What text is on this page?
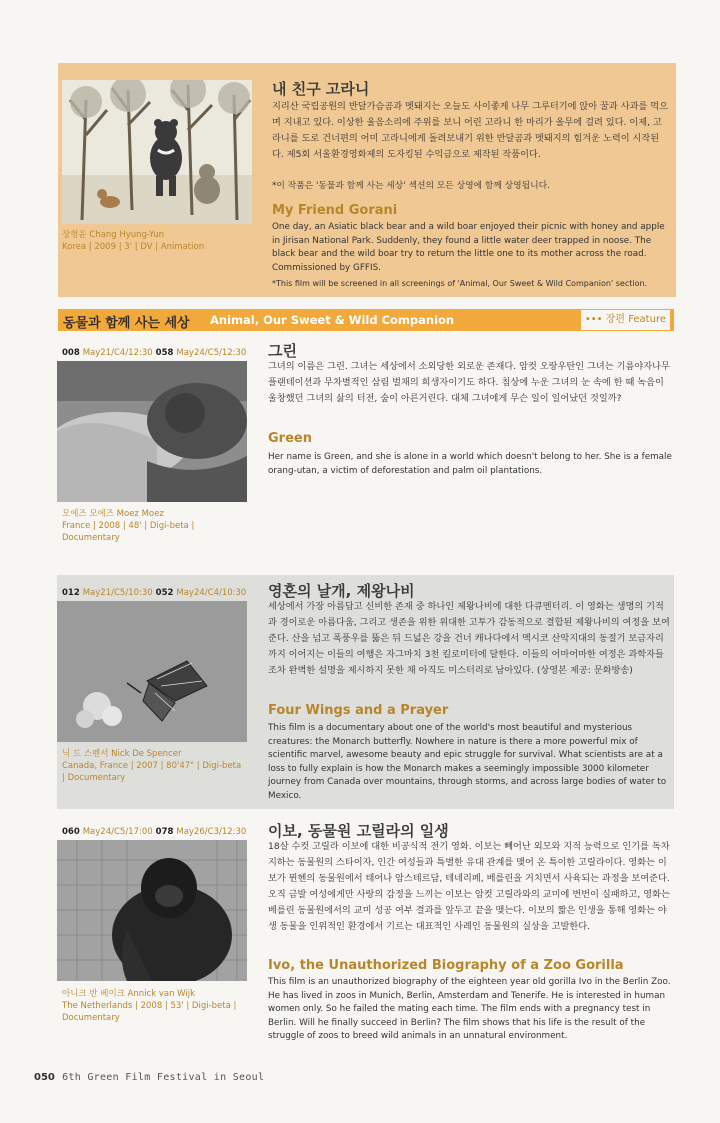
장형윤 Chang Hyung-Yun
Korea | 2009 | 3' | DV | Animation
내 친구 고라니
지리산 국립공원의 반달가슴곰과 멧돼지는 오늘도 사이좋게 나무 그루터기에 앉아 꿀과 사과를 먹으며 지내고 있다. 이상한 울음소리에 주위를 보니 어린 고라니 한 마리가 올무에 걸려 있다. 이제, 고라니를 도로 건너편의 어미 고라니에게 돌려보내기 위한 반달곰과 멧돼지의 힘겨운 노력이 시작된다. 제5회 서울환경영화제의 도자킹된 수익금으로 제작된 작품이다.
*이 작품은 '동물과 함께 사는 세상' 섹션의 모든 상영에 함께 상영됩니다.
My Friend Gorani
One day, an Asiatic black bear and a wild boar enjoyed their picnic with honey and apple in Jirisan National Park. Suddenly, they found a little water deer trapped in noose. The black bear and the wild boar try to return the little one to its mother across the road. Commissioned by GFFIS.
*This film will be screened in all screenings of 'Animal, Our Sweet & Wild Companion' section.
동물과 함께 사는 세상 Animal, Our Sweet & Wild Companion	••• 장편 Feature
008 May21/C4/12:30 058 May24/C5/12:30
모에즈 모에즈 Moez Moez
France | 2008 | 48' | Digi-beta |
Documentary
그린
그녀의 이름은 그린. 그녀는 세상에서 소외당한 외로운 존재다. 암컷 오랑우탄인 그녀는 기름야자나무 플랜테이션과 무차별적인 삼림 벌채의 희생자이기도 하다. 침상에 누운 그녀의 눈 속에 한 때 녹음이 울창했던 그녀의 삶의 터전, 숲이 아른거린다. 대체 그녀에게 무슨 일이 일어났던 것일까?
Green
Her name is Green, and she is alone in a world which doesn't belong to her. She is a female orang-utan, a victim of deforestation and palm oil plantations.
012 May21/C5/10:30 052 May24/C4/10:30
닉 드 스펜서 Nick De Spencer
Canada, France | 2007 | 80'47" | Digi-beta
| Documentary
영혼의 날개, 제왕나비
세상에서 가장 아름답고 신비한 존재 중 하나인 제왕나비에 대한 다큐멘터리. 이 영화는 생명의 기적과 경이로운 아름다움, 그리고 생존을 위한 위대한 고투가 감동적으로 결합된 제왕나비의 여정을 보여준다. 산을 넘고 폭풍우를 뚫은 뒤 드넓은 강을 건너 캐나다에서 멕시코 산악지대의 동절기 보금자리까지 이어지는 이들의 여행은 자그마치 3천 킬로미터에 달한다. 이들의 어마어마한 여정은 과학자들조차 완벽한 설명을 제시하지 못한 채 아직도 미스터리로 남아있다. (상영본 제공: 문화방송)
Four Wings and a Prayer
This film is a documentary about one of the world's most beautiful and mysterious creatures: the Monarch butterfly. Nowhere in nature is there a more powerful mix of scientific marvel, awesome beauty and epic struggle for survival. What scientists are at a loss to fully explain is how the Monarch makes a seemingly impossible 3000 kilometer journey from Canada over mountains, through storms, and across large bodies of water to Mexico.
060 May24/C5/17:00 078 May26/C3/12:30
아니크 반 베이크 Annick van Wijk
The Netherlands | 2008 | 53' | Digi-beta |
Documentary
이보, 동물원 고릴라의 일생
18살 수컷 고릴라 이보에 대한 비공식적 전기 영화. 이보는 빼어난 외모와 지적 능력으로 인기를 독차지하는 동물원의 스타이자, 인간 여성들과 특별한 유대 관계를 맺어 온 특이한 고릴라이다. 영화는 이보가 뮌헨의 동물원에서 태어나 암스테르담, 테네리페, 베를린을 거치면서 사육되는 과정을 보여준다. 오직 금발 여성에게만 사랑의 감정을 느끼는 이보는 암컷 고릴라와의 교미에 번번이 실패하고, 영화는 베를린 동물원에서의 교미 성공 여부 결과를 앞두고 끝을 맺는다. 이보의 짧은 인생을 통해 영화는 야생 동물을 인위적인 환경에서 기르는 대표적인 사례인 동물원의 실상을 고발한다.
Ivo, the Unauthorized Biography of a Zoo Gorilla
This film is an unauthorized biography of the eighteen year old gorilla Ivo in the Berlin Zoo. He has lived in zoos in Munich, Berlin, Amsterdam and Tenerife. He is interested in human women only. So he failed the mating each time. The film ends with a pregnancy test in Berlin. Will he finally succeed in Berlin? The film shows that his life is the result of the struggle of zoos to breed wild animals in an unnatural environment.
050 6th Green Film Festival in Seoul
